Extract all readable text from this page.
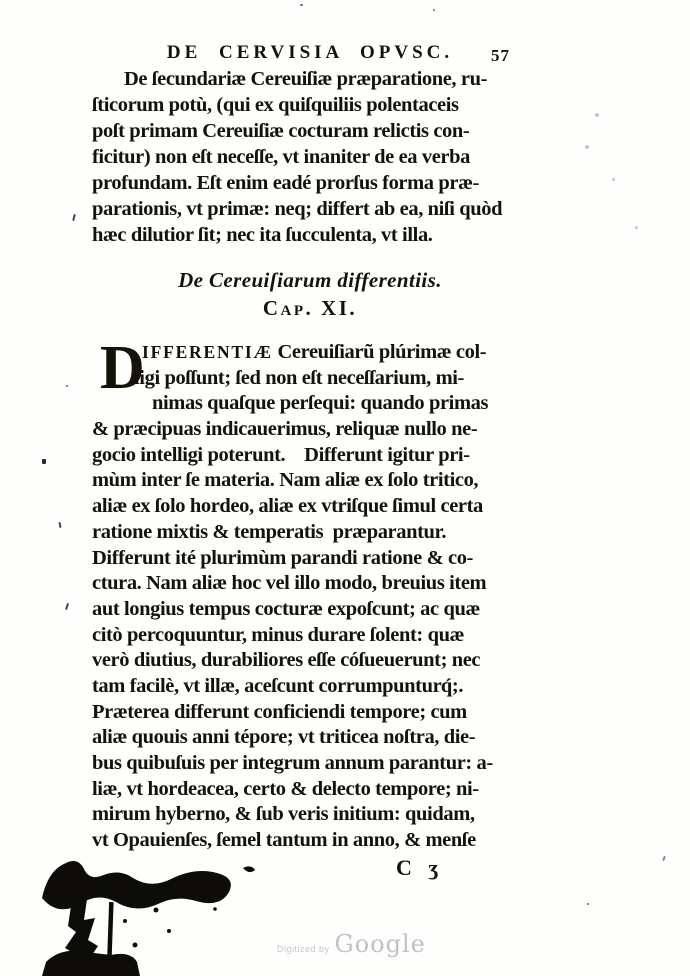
DE CERVISIA OPVSC.	57
De ſecundariæ Cereuiſiæ præparatione, ru-
ſticorum potù, (qui ex quiſquiliis polentaceis
poſt primam Cereuiſiæ cocturam relictis con-
ficitur) non eſt neceſſe, vt inaniter de ea verba
profundam. Eſt enim eadé prorſus forma præ-
parationis, vt primæ: neq; differt ab ea, niſi quòd
hæc dilutior ſit; nec ita ſucculenta, vt illa.
De Cereuiſiarum differentiis.
Cap. XI.
D
IFFERENTIÆ Cereuiſiarũ plúrimæ col-
ligi poſſunt; ſed non eſt neceſſarium, mi-
nimas quaſque perſequi: quando primas
& præcipuas indicauerimus, reliquæ nullo ne-
gocio intelligi poterunt.    Differunt igitur pri-
mùm inter ſe materia. Nam aliæ ex ſolo tritico,
aliæ ex ſolo hordeo, aliæ ex vtriſque ſimul certa
ratione mixtis & temperatis  præparantur.
Differunt ité plurimùm parandi ratione & co-
ctura. Nam aliæ hoc vel illo modo, breuius item
aut longius tempus cocturæ expoſcunt; ac quæ
citò percoquuntur, minus durare ſolent: quæ
verò diutius, durabiliores eſſe cóſueuerunt; nec
tam facilè, vt illæ, aceſcunt corrumpunturq́;.
Præterea differunt conficiendi tempore; cum
aliæ quouis anni tépore; vt triticea noſtra, die-
bus quibuſuis per integrum annum parantur: a-
liæ, vt hordeacea, certo & delecto tempore; ni-
mirum hyberno, & ſub veris initium: quidam,
vt Opauienſes, ſemel tantum in anno, & menſe
C   ʒ
Digitized by Google
